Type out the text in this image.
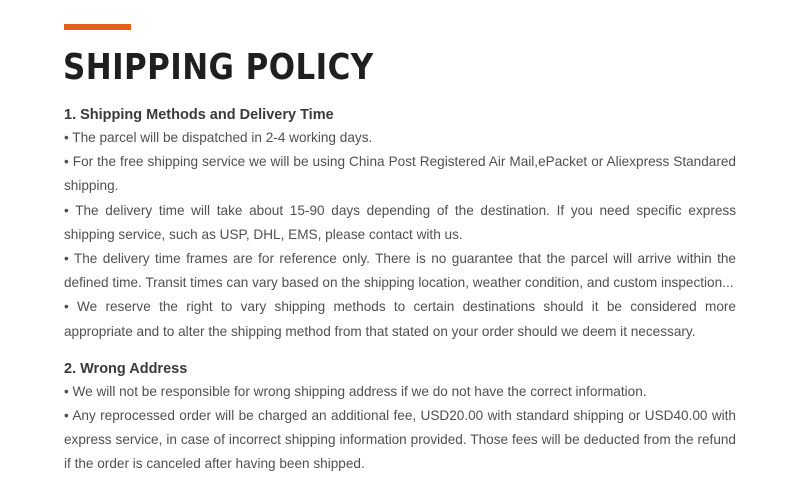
SHIPPING POLICY
1. Shipping Methods and Delivery Time

• The parcel will be dispatched in 2-4 working days.

• For the free shipping service we will be using China Post Registered Air Mail,ePacket or Aliexpress Standared shipping.

• The delivery time will take about 15-90 days depending of the destination. If you need specific express shipping service, such as USP, DHL, EMS, please contact with us.

• The delivery time frames are for reference only. There is no guarantee that the parcel will arrive within the defined time. Transit times can vary based on the shipping location, weather condition, and custom inspection...

• We reserve the right to vary shipping methods to certain destinations should it be considered more appropriate and to alter the shipping method from that stated on your order should we deem it necessary.

2. Wrong Address

• We will not be responsible for wrong shipping address if we do not have the correct information.

• Any reprocessed order will be charged an additional fee, USD20.00 with standard shipping or USD40.00 with express service, in case of incorrect shipping information provided. Those fees will be deducted from the refund if the order is canceled after having been shipped.
